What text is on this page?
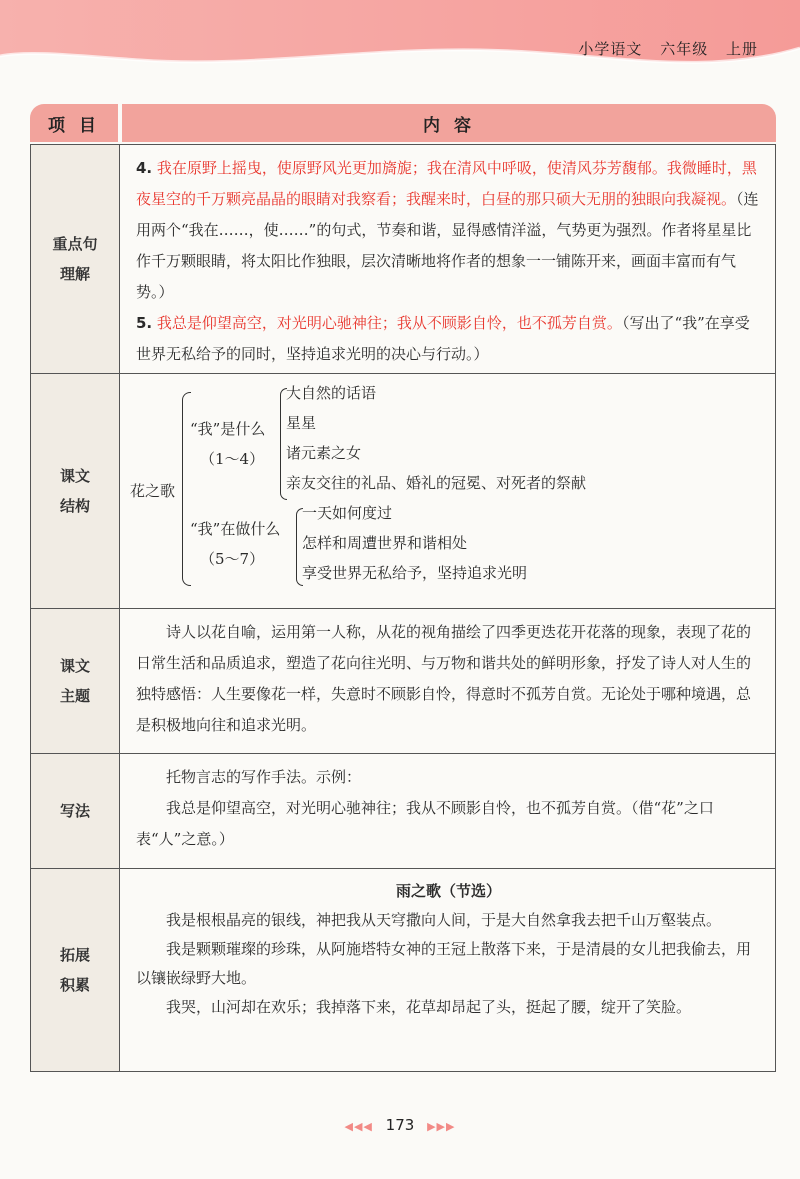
小学语文 六年级 上册
项 目	内 容
重点句
理解
4. 我在原野上摇曳，使原野风光更加旖旎；我在清风中呼吸，使清风芬芳馥郁。我微睡时，黑夜星空的千万颗亮晶晶的眼睛对我察看；我醒来时，白昼的那只硕大无朋的独眼向我凝视。（连用两个“我在……，使……”的句式，节奏和谐，显得感情洋溢，气势更为强烈。作者将星星比作千万颗眼睛，将太阳比作独眼，层次清晰地将作者的想象一一铺陈开来，画面丰富而有气势。）
5. 我总是仰望高空，对光明心驰神往；我从不顾影自怜，也不孤芳自赏。（写出了“我”在享受世界无私给予的同时，坚持追求光明的决心与行动。）
课文
结构
花之歌
“我”是什么
（1～4）
大自然的话语
星星
诸元素之女
亲友交往的礼品、婚礼的冠冕、对死者的祭献
“我”在做什么
（5～7）
一天如何度过
怎样和周遭世界和谐相处
享受世界无私给予，坚持追求光明
课文
主题
诗人以花自喻，运用第一人称，从花的视角描绘了四季更迭花开花落的现象，表现了花的日常生活和品质追求，塑造了花向往光明、与万物和谐共处的鲜明形象，抒发了诗人对人生的独特感悟：人生要像花一样，失意时不顾影自怜，得意时不孤芳自赏。无论处于哪种境遇，总是积极地向往和追求光明。
写法
托物言志的写作手法。示例：
我总是仰望高空，对光明心驰神往；我从不顾影自怜，也不孤芳自赏。（借“花”之口表“人”之意。）
拓展
积累
雨之歌（节选）
我是根根晶亮的银线，神把我从天穹撒向人间，于是大自然拿我去把千山万壑装点。
我是颗颗璀璨的珍珠，从阿施塔特女神的王冠上散落下来，于是清晨的女儿把我偷去，用以镶嵌绿野大地。
我哭，山河却在欢乐；我掉落下来，花草却昂起了头，挺起了腰，绽开了笑脸。
◀◀◀ 173 ▶▶▶
